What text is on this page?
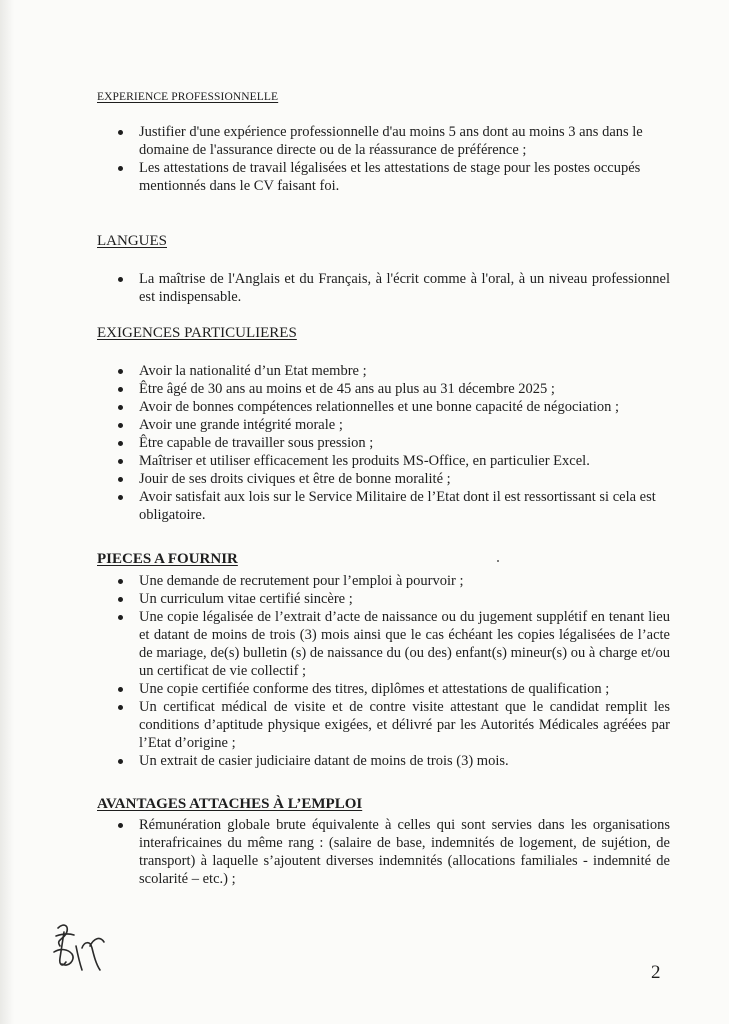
EXPERIENCE PROFESSIONNELLE
Justifier d'une expérience professionnelle d'au moins 5 ans dont au moins 3 ans dans le domaine de l'assurance directe ou de la réassurance de préférence ;
Les attestations de travail légalisées et les attestations de stage pour les postes occupés mentionnés dans le CV faisant foi.
LANGUES
La maîtrise de l'Anglais et du Français, à l'écrit comme à l'oral, à un niveau professionnel est indispensable.
EXIGENCES PARTICULIERES
Avoir la nationalité d’un Etat membre ;
Être âgé de 30 ans au moins et de 45 ans au plus au 31 décembre 2025 ;
Avoir de bonnes compétences relationnelles et une bonne capacité de négociation ;
Avoir une grande intégrité morale ;
Être capable de travailler sous pression ;
Maîtriser et utiliser efficacement les produits MS-Office, en particulier Excel.
Jouir de ses droits civiques et être de bonne moralité ;
Avoir satisfait aux lois sur le Service Militaire de l’Etat dont il est ressortissant si cela est obligatoire.
PIECES A FOURNIR
Une demande de recrutement pour l’emploi à pourvoir ;
Un curriculum vitae certifié sincère ;
Une copie légalisée de l’extrait d’acte de naissance ou du jugement supplétif en tenant lieu et datant de moins de trois (3) mois ainsi que le cas échéant les copies légalisées de l’acte de mariage, de(s) bulletin (s) de naissance du (ou des) enfant(s) mineur(s) ou à charge et/ou un certificat de vie collectif ;
Une copie certifiée conforme des titres, diplômes et attestations de qualification ;
Un certificat médical de visite et de contre visite attestant que le candidat remplit les conditions d’aptitude physique exigées, et délivré par les Autorités Médicales agréées par l’Etat d’origine ;
Un extrait de casier judiciaire datant de moins de trois (3) mois.
AVANTAGES ATTACHES À L’EMPLOI
Rémunération globale brute équivalente à celles qui sont servies dans les organisations interafricaines du même rang : (salaire de base, indemnités de logement, de sujétion, de transport) à laquelle s’ajoutent diverses indemnités (allocations familiales - indemnité de scolarité – etc.) ;
2
